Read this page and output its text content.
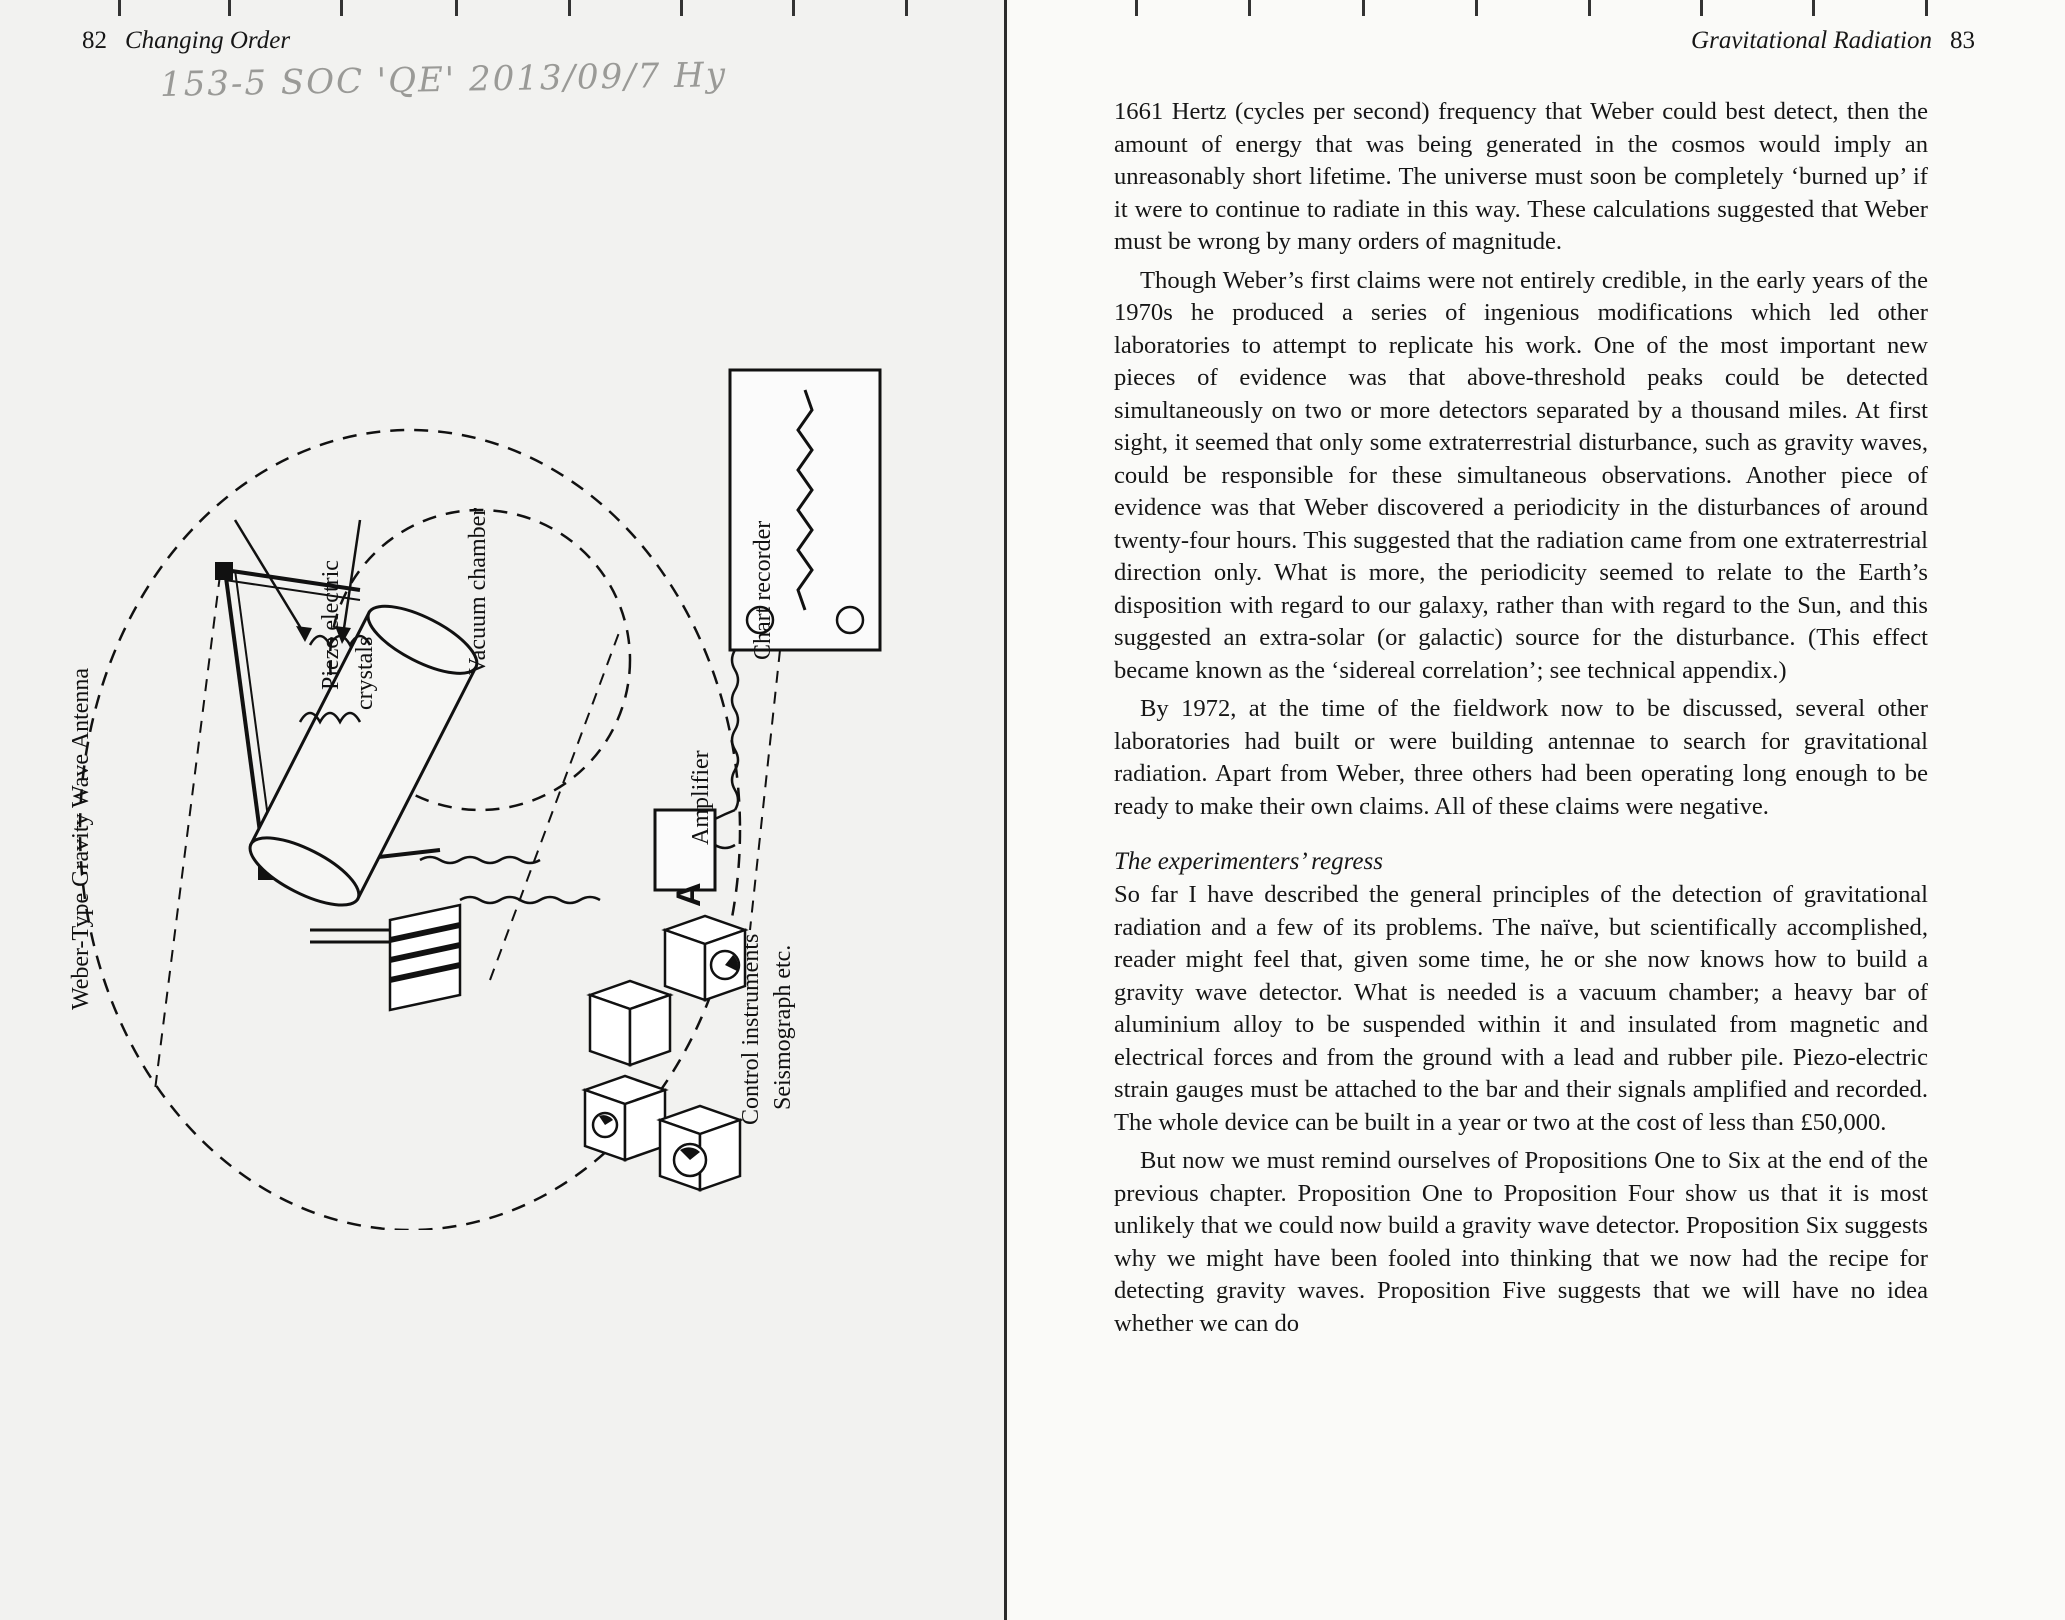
82 Changing Order
153-5 SOC 'QE' 2013/09/7 Hy

Weber-Type Gravity Wave Antenna
Piezo electric crystals	Vacuum chamber	Chart recorder
Amplifier
A
Control instruments Seismograph etc.
Gravitational Radiation 83

1661 Hertz (cycles per second) frequency that Weber could best detect, then the amount of energy that was being generated in the cosmos would imply an unreasonably short lifetime. The universe must soon be completely ‘burned up’ if it were to continue to radiate in this way. These calculations suggested that Weber must be wrong by many orders of magnitude.

Though Weber’s first claims were not entirely credible, in the early years of the 1970s he produced a series of ingenious modifications which led other laboratories to attempt to replicate his work. One of the most important new pieces of evidence was that above-threshold peaks could be detected simultaneously on two or more detectors separated by a thousand miles. At first sight, it seemed that only some extraterrestrial disturbance, such as gravity waves, could be responsible for these simultaneous observations. Another piece of evidence was that Weber discovered a periodicity in the disturbances of around twenty-four hours. This suggested that the radiation came from one extraterrestrial direction only. What is more, the periodicity seemed to relate to the Earth’s disposition with regard to our galaxy, rather than with regard to the Sun, and this suggested an extra-solar (or galactic) source for the disturbance. (This effect became known as the ‘sidereal correlation’; see technical appendix.)

By 1972, at the time of the fieldwork now to be discussed, several other laboratories had built or were building antennae to search for gravitational radiation. Apart from Weber, three others had been operating long enough to be ready to make their own claims. All of these claims were negative.

The experimenters’ regress

So far I have described the general principles of the detection of gravitational radiation and a few of its problems. The naïve, but scientifically accomplished, reader might feel that, given some time, he or she now knows how to build a gravity wave detector. What is needed is a vacuum chamber; a heavy bar of aluminium alloy to be suspended within it and insulated from magnetic and electrical forces and from the ground with a lead and rubber pile. Piezo-electric strain gauges must be attached to the bar and their signals amplified and recorded. The whole device can be built in a year or two at the cost of less than £50,000.

But now we must remind ourselves of Propositions One to Six at the end of the previous chapter. Proposition One to Proposition Four show us that it is most unlikely that we could now build a gravity wave detector. Proposition Six suggests why we might have been fooled into thinking that we now had the recipe for detecting gravity waves. Proposition Five suggests that we will have no idea whether we can do
